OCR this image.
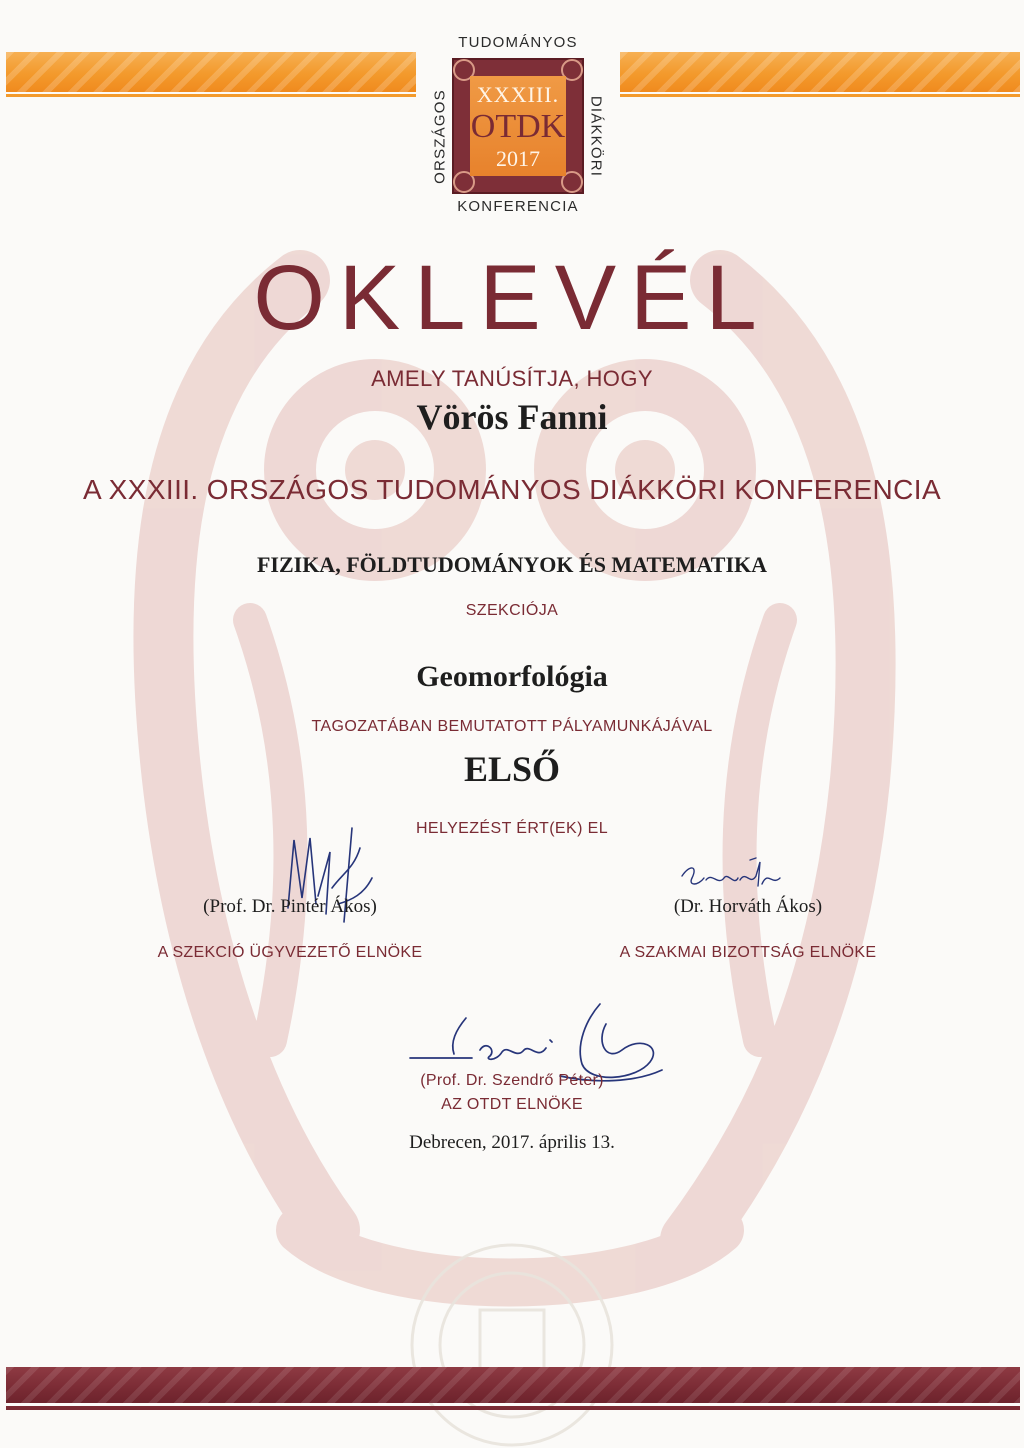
TUDOMÁNYOS
ORSZÁGOS	DIÁKKÖRI
XXXIII.
OTDK
2017
KONFERENCIA
OKLEVÉL
AMELY TANÚSÍTJA, HOGY
Vörös Fanni
A XXXIII. ORSZÁGOS TUDOMÁNYOS DIÁKKÖRI KONFERENCIA
FIZIKA, FÖLDTUDOMÁNYOK ÉS MATEMATIKA
SZEKCIÓJA
Geomorfológia
TAGOZATÁBAN BEMUTATOTT PÁLYAMUNKÁJÁVAL
ELSŐ
HELYEZÉST ÉRT(EK) EL
(Prof. Dr. Pintér Ákos)
A SZEKCIÓ ÜGYVEZETŐ ELNÖKE
(Dr. Horváth Ákos)
A SZAKMAI BIZOTTSÁG ELNÖKE
(Prof. Dr. Szendrő Péter)
AZ OTDT ELNÖKE
Debrecen, 2017. április 13.
